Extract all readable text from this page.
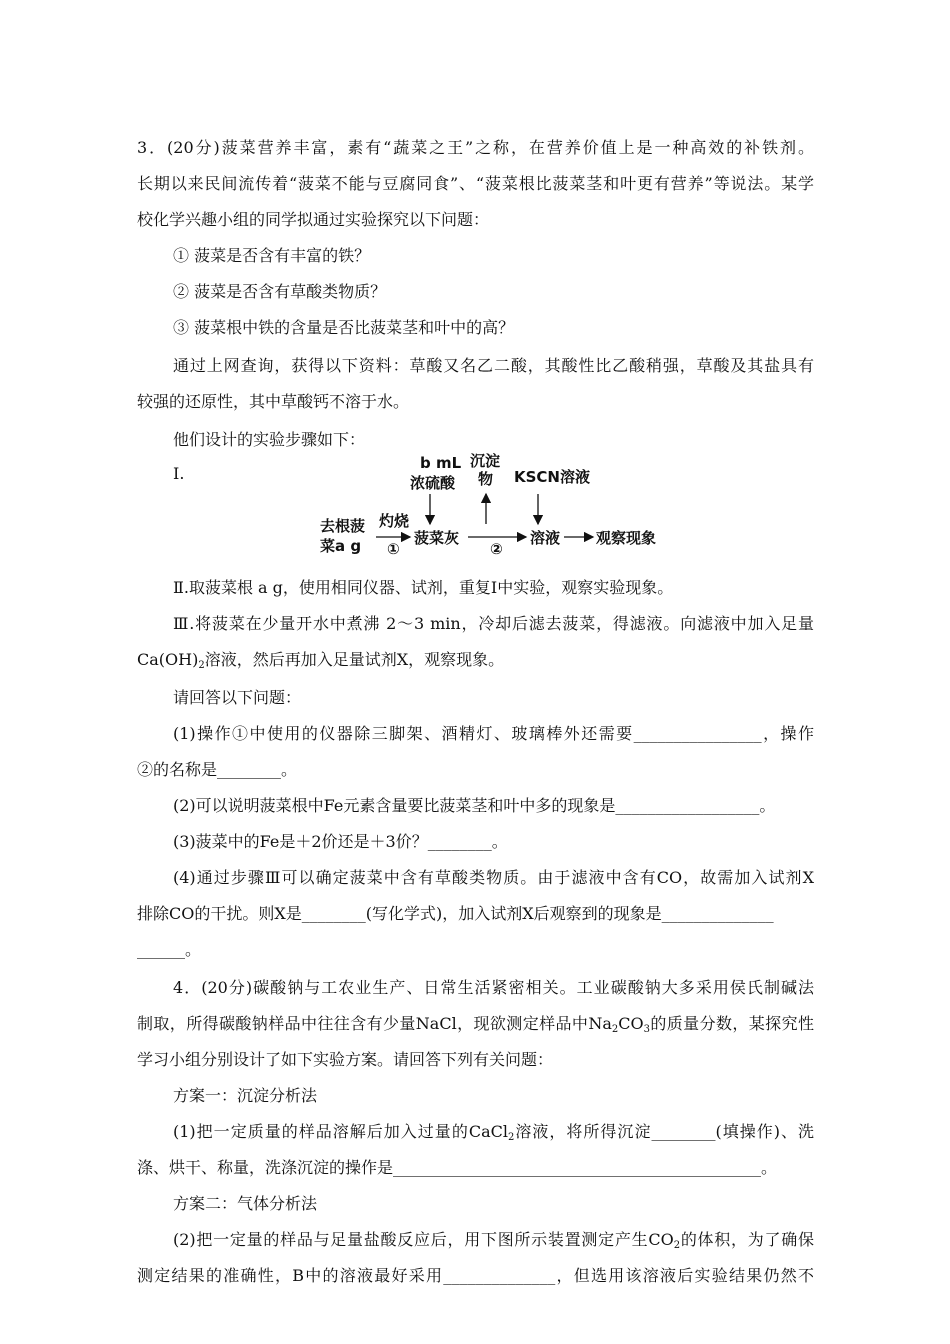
3．(20分)菠菜营养丰富，素有“蔬菜之王”之称，在营养价值上是一种高效的补铁剂。
长期以来民间流传着“菠菜不能与豆腐同食”、“菠菜根比菠菜茎和叶更有营养”等说法。某学
校化学兴趣小组的同学拟通过实验探究以下问题：
① 菠菜是否含有丰富的铁？
② 菠菜是否含有草酸类物质？
③ 菠菜根中铁的含量是否比菠菜茎和叶中的高？
通过上网查询，获得以下资料：草酸又名乙二酸，其酸性比乙酸稍强，草酸及其盐具有
较强的还原性，其中草酸钙不溶于水。
他们设计的实验步骤如下：
Ⅰ.
b mL
浓硫酸
沉淀
物 KSCN溶液
去根菠
菜a g
灼烧
①
菠菜灰
②
溶液 观察现象
Ⅱ.取菠菜根 a g，使用相同仪器、试剂，重复Ⅰ中实验，观察实验现象。
Ⅲ.将菠菜在少量开水中煮沸 2～3 min，冷却后滤去菠菜，得滤液。向滤液中加入足量
$Ca(OH)_2$溶液，然后再加入足量试剂X，观察现象。
请回答以下问题：
(1)操作①中使用的仪器除三脚架、酒精灯、玻璃棒外还需要________________，操作
②的名称是________。
(2)可以说明菠菜根中Fe元素含量要比菠菜茎和叶中多的现象是__________________。
(3)菠菜中的Fe是＋2价还是＋3价？________。
(4)通过步骤Ⅲ可以确定菠菜中含有草酸类物质。由于滤液中含有CO，故需加入试剂X
排除CO的干扰。则X是________(写化学式)，加入试剂X后观察到的现象是______________
______。
4．(20分)碳酸钠与工农业生产、日常生活紧密相关。工业碳酸钠大多采用侯氏制碱法
制取，所得碳酸钠样品中往往含有少量NaCl，现欲测定样品中$Na_2CO_3$的质量分数，某探究性
学习小组分别设计了如下实验方案。请回答下列有关问题：
方案一：沉淀分析法
(1)把一定质量的样品溶解后加入过量的CaCl$_2$溶液，将所得沉淀________(填操作)、洗
涤、烘干、称量，洗涤沉淀的操作是______________________________________________。
方案二：气体分析法
(2)把一定量的样品与足量盐酸反应后，用下图所示装置测定产生$CO_2$的体积，为了确保
测定结果的准确性，B中的溶液最好采用______________，但选用该溶液后实验结果仍然不
